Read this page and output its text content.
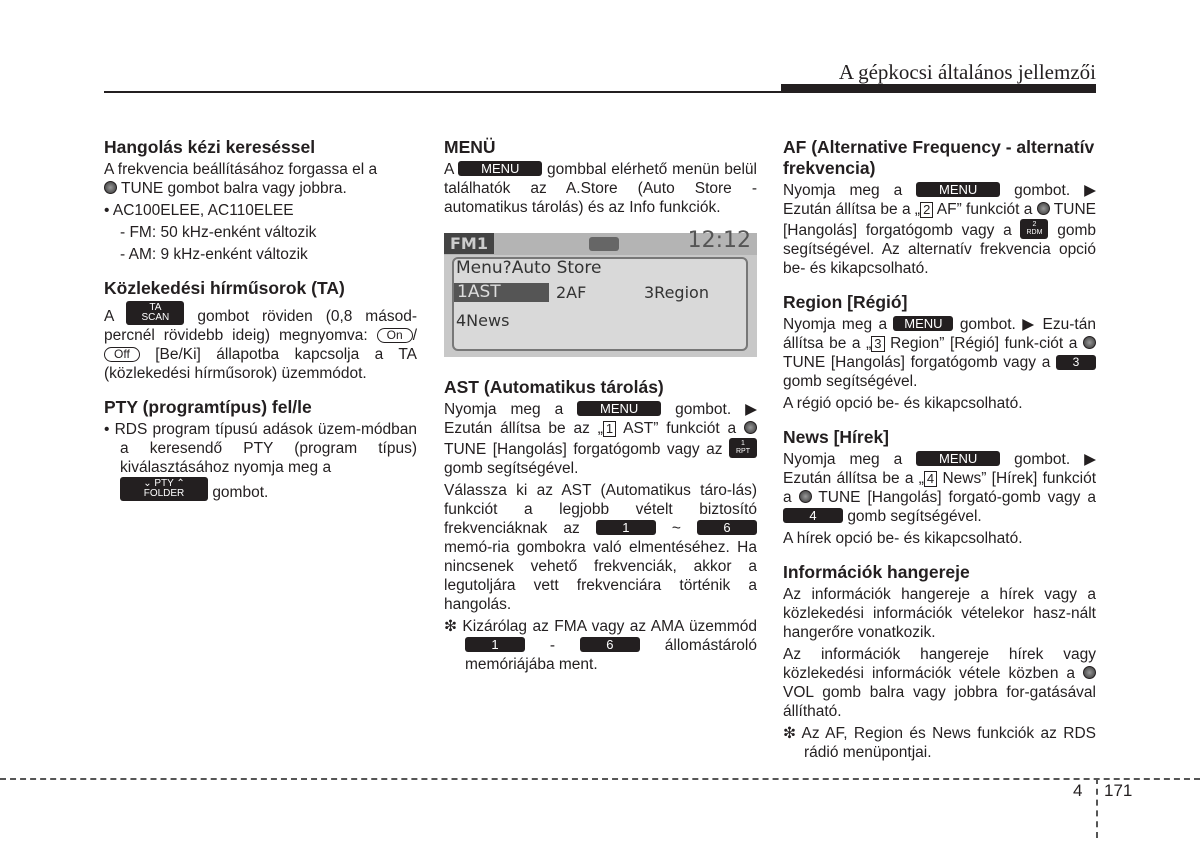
A gépkocsi általános jellemzői
Hangolás kézi kereséssel

A frekvencia beállításához forgassa el a
TUNE gombot balra vagy jobbra.

• AC100ELEE, AC110ELEE

- FM: 50 kHz-enként változik

- AM: 9 kHz-enként változik

Közlekedési hírműsorok (TA)

A TA
SCAN gombot röviden (0,8 másod-percnél rövidebb ideig) megnyomva: On /Off [Be/Ki] állapotba kapcsolja a TA (közlekedési hírműsorok) üzemmódot.

PTY (programtípus) fel/le

• RDS program típusú adások üzem-módban a keresendő PTY (program típus) kiválasztásához nyomja meg a
⌄ PTY ⌃
FOLDER gombot.

MENÜ

A MENU gombbal elérhető menün belül találhatók az A.Store (Auto Store - automatikus tárolás) és az Info funkciók.

FM1	12:12
Menu?Auto Store
1AST	2AF	3Region
4News
AST (Automatikus tárolás)

Nyomja meg a	MENU gombot. ▶ Ezután állítsa be az „ 1 AST” funkciót a  TUNE [Hangolás] forgatógomb vagy az	1
RPT gomb segítségével.

Válassza ki az AST (Automatikus táro-lás) funkciót a legjobb vételt biztosító frekvenciáknak az	1	~	6 memó-ria gombokra való elmentéséhez. Ha nincsenek vehető frekvenciák, akkor a legutoljára vett frekvenciára történik a hangolás.

❇ Kizárólag az FMA vagy az AMA üzemmód 1	-	6	állomástároló memóriájába ment.

AF (Alternative Frequency - alternatív frekvencia)

Nyomja meg a	MENU gombot. ▶ Ezután állítsa be a „ 2 AF” funkciót a TUNE [Hangolás] forgatógomb vagy a	2
RDM gomb segítségével. Az alternatív frekvencia opció be- és kikapcsolható.

Region [Régió]

Nyomja meg a MENU gombot. ▶ Ezu-tán állítsa be a „ 3 Region” [Régió] funk-ciót a  TUNE [Hangolás] forgatógomb vagy a 3 gomb segítségével.

A régió opció be- és kikapcsolható.

News [Hírek]

Nyomja meg a	MENU gombot. ▶ Ezután állítsa be a „ 4 News” [Hírek] funkciót a TUNE [Hangolás] forgató-gomb vagy a 4 gomb segítségével.

A hírek opció be- és kikapcsolható.

Információk hangereje

Az információk hangereje a hírek vagy a közlekedési információk vételekor hasz-nált hangerőre vonatkozik.

Az információk hangereje hírek vagy közlekedési információk vétele közben a  VOL gomb balra vagy jobbra for-gatásával állítható.

❇ Az AF, Region és News funkciók az RDS rádió menüpontjai.

4 171
